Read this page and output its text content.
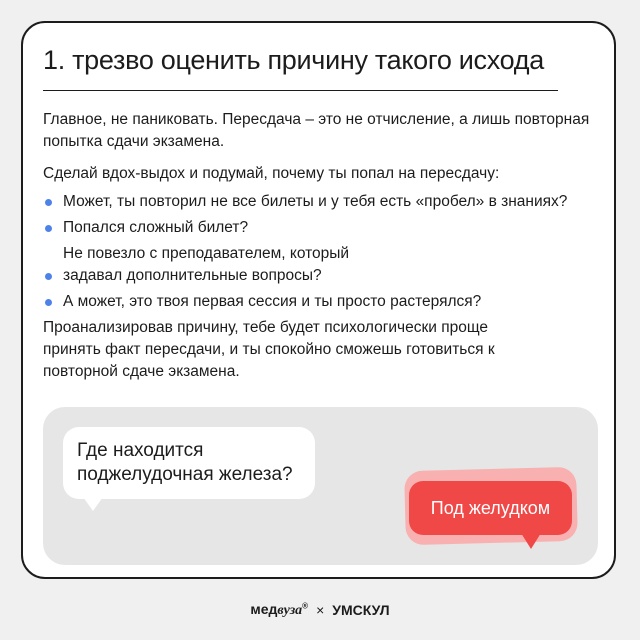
1. трезво оценить причину такого исхода

Главное, не паниковать. Пересдача – это не отчисление, а лишь повторная попытка сдачи экзамена.

Сделай вдох-выдох и подумай, почему ты попал на пересдачу:

Может, ты повторил не все билеты и у тебя есть «пробел» в знаниях?
Попался сложный билет?
Не повезло с преподавателем, который задавал дополнительные вопросы?
А может, это твоя первая сессия и ты просто растерялся?

Проанализировав причину, тебе будет психологически проще принять факт пересдачи, и ты спокойно сможешь готовиться к повторной сдаче экзамена.

Где находится поджелудочная железа?
Под желудком
медвуза® × УМСКУЛ
